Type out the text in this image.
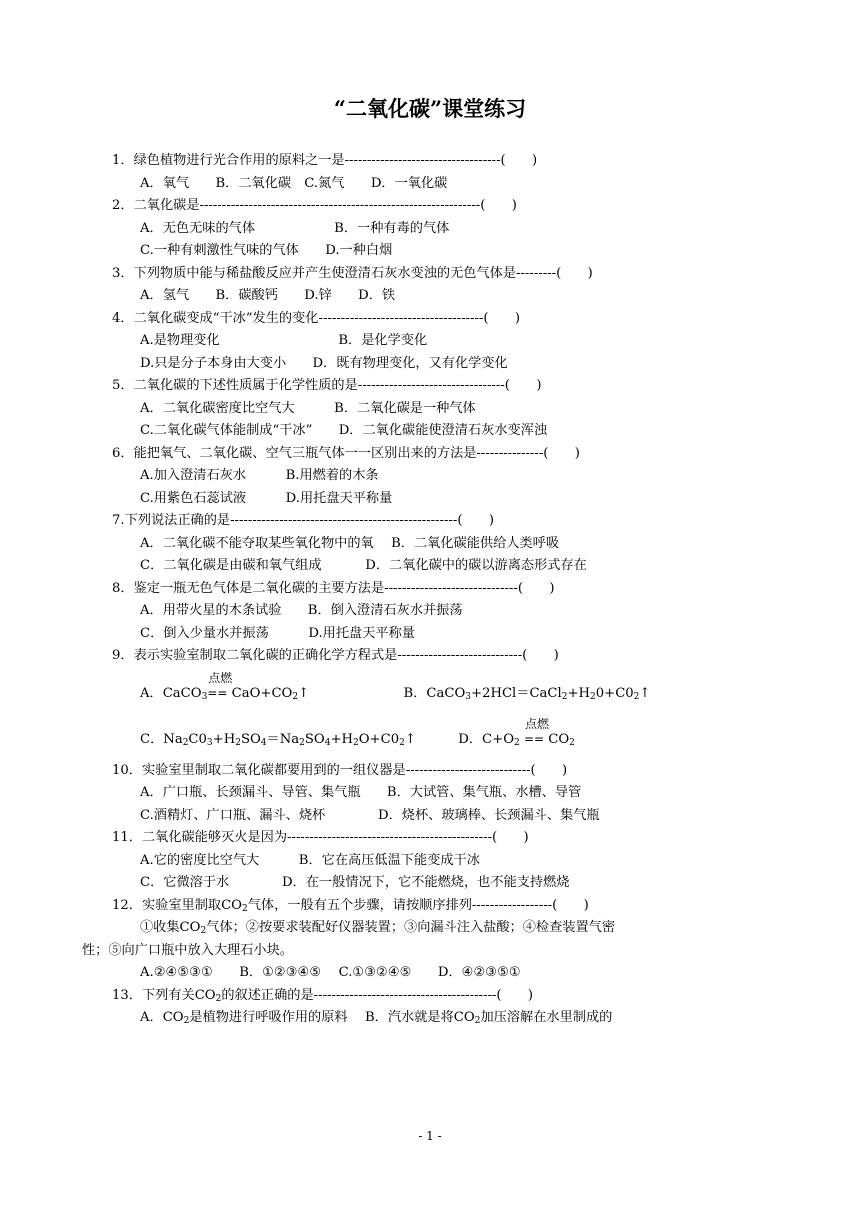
“二氧化碳”课堂练习
1．绿色植物进行光合作用的原料之一是-----------------------------------(　　)
A．氧气　　B．二氧化碳　C.氮气　　D．一氧化碳
2．二氧化碳是---------------------------------------------------------------(　　)
A．无色无味的气体　　　　　　B．一种有毒的气体
C.一种有刺激性气味的气体　　D.一种白烟
3．下列物质中能与稀盐酸反应并产生使澄清石灰水变浊的无色气体是---------(　　)
A．氢气　　B．碳酸钙　　D.锌　　D．铁
4．二氧化碳变成“干冰”发生的变化-------------------------------------(　　)
A.是物理变化　　　　　　　　　B．是化学变化
D.只是分子本身由大变小　　D．既有物理变化，又有化学变化
5．二氧化碳的下述性质属于化学性质的是---------------------------------(　　)
A．二氧化碳密度比空气大　　　B．二氧化碳是一种气体
C.二氧化碳气体能制成“干冰”　　D．二氧化碳能使澄清石灰水变浑浊
6．能把氧气、二氧化碳、空气三瓶气体一一区别出来的方法是---------------(　　)
A.加入澄清石灰水　　　B.用燃着的木条
C.用紫色石蕊试液　　　D.用托盘天平称量
7.下列说法正确的是---------------------------------------------------(　　)
A．二氧化碳不能夺取某些氧化物中的氧　 B．二氧化碳能供给人类呼吸
C．二氧化碳是由碳和氧气组成　　　 D．二氧化碳中的碳以游离态形式存在
8．鉴定一瓶无色气体是二氧化碳的主要方法是------------------------------(　　)
A．用带火星的木条试验　　B．倒入澄清石灰水并振荡
C．倒入少量水并振荡　　　D.用托盘天平称量
9．表示实验室制取二氧化碳的正确化学方程式是----------------------------(　　)
A．CaCO$_3$
点燃
== $CaO+CO_2↑$	B．$CaCO_3+2HCl=CaCl_2+H_20+C0_2↑$
C．$Na_2C0_3+H_2SO_4=Na_2SO_4+H_2O+C0_2↑$	D．$C+O_2$
点燃
== $CO_2$
10．实验室里制取二氧化碳都要用到的一组仪器是----------------------------(　　)
A．广口瓶、长颈漏斗、导管、集气瓶　　B．大试管、集气瓶、水槽、导管
C.酒精灯、广口瓶、漏斗、烧杯　　　　D．烧杯、玻璃棒、长颈漏斗、集气瓶
11．二氧化碳能够灭火是因为----------------------------------------------(　　)
A.它的密度比空气大　　　B．它在高压低温下能变成干冰
C．它微溶于水　　　　D．在一般情况下，它不能燃烧，也不能支持燃烧
12．实验室里制取$CO_2$气体，一般有五个步骤，请按顺序排列------------------(　　)
①收集$CO_2$气体；②按要求装配好仪器装置；③向漏斗注入盐酸；④检查装置气密
性；⑤向广口瓶中放入大理石小块。
A.②④⑤③①　　B．①②③④⑤　 C.①③②④⑤　　D．④②③⑤①
13．下列有关$CO_2$的叙述正确的是-----------------------------------------(　　)
A．$CO_2$是植物进行呼吸作用的原料　 B．汽水就是将$CO_2$加压溶解在水里制成的
- 1 -
